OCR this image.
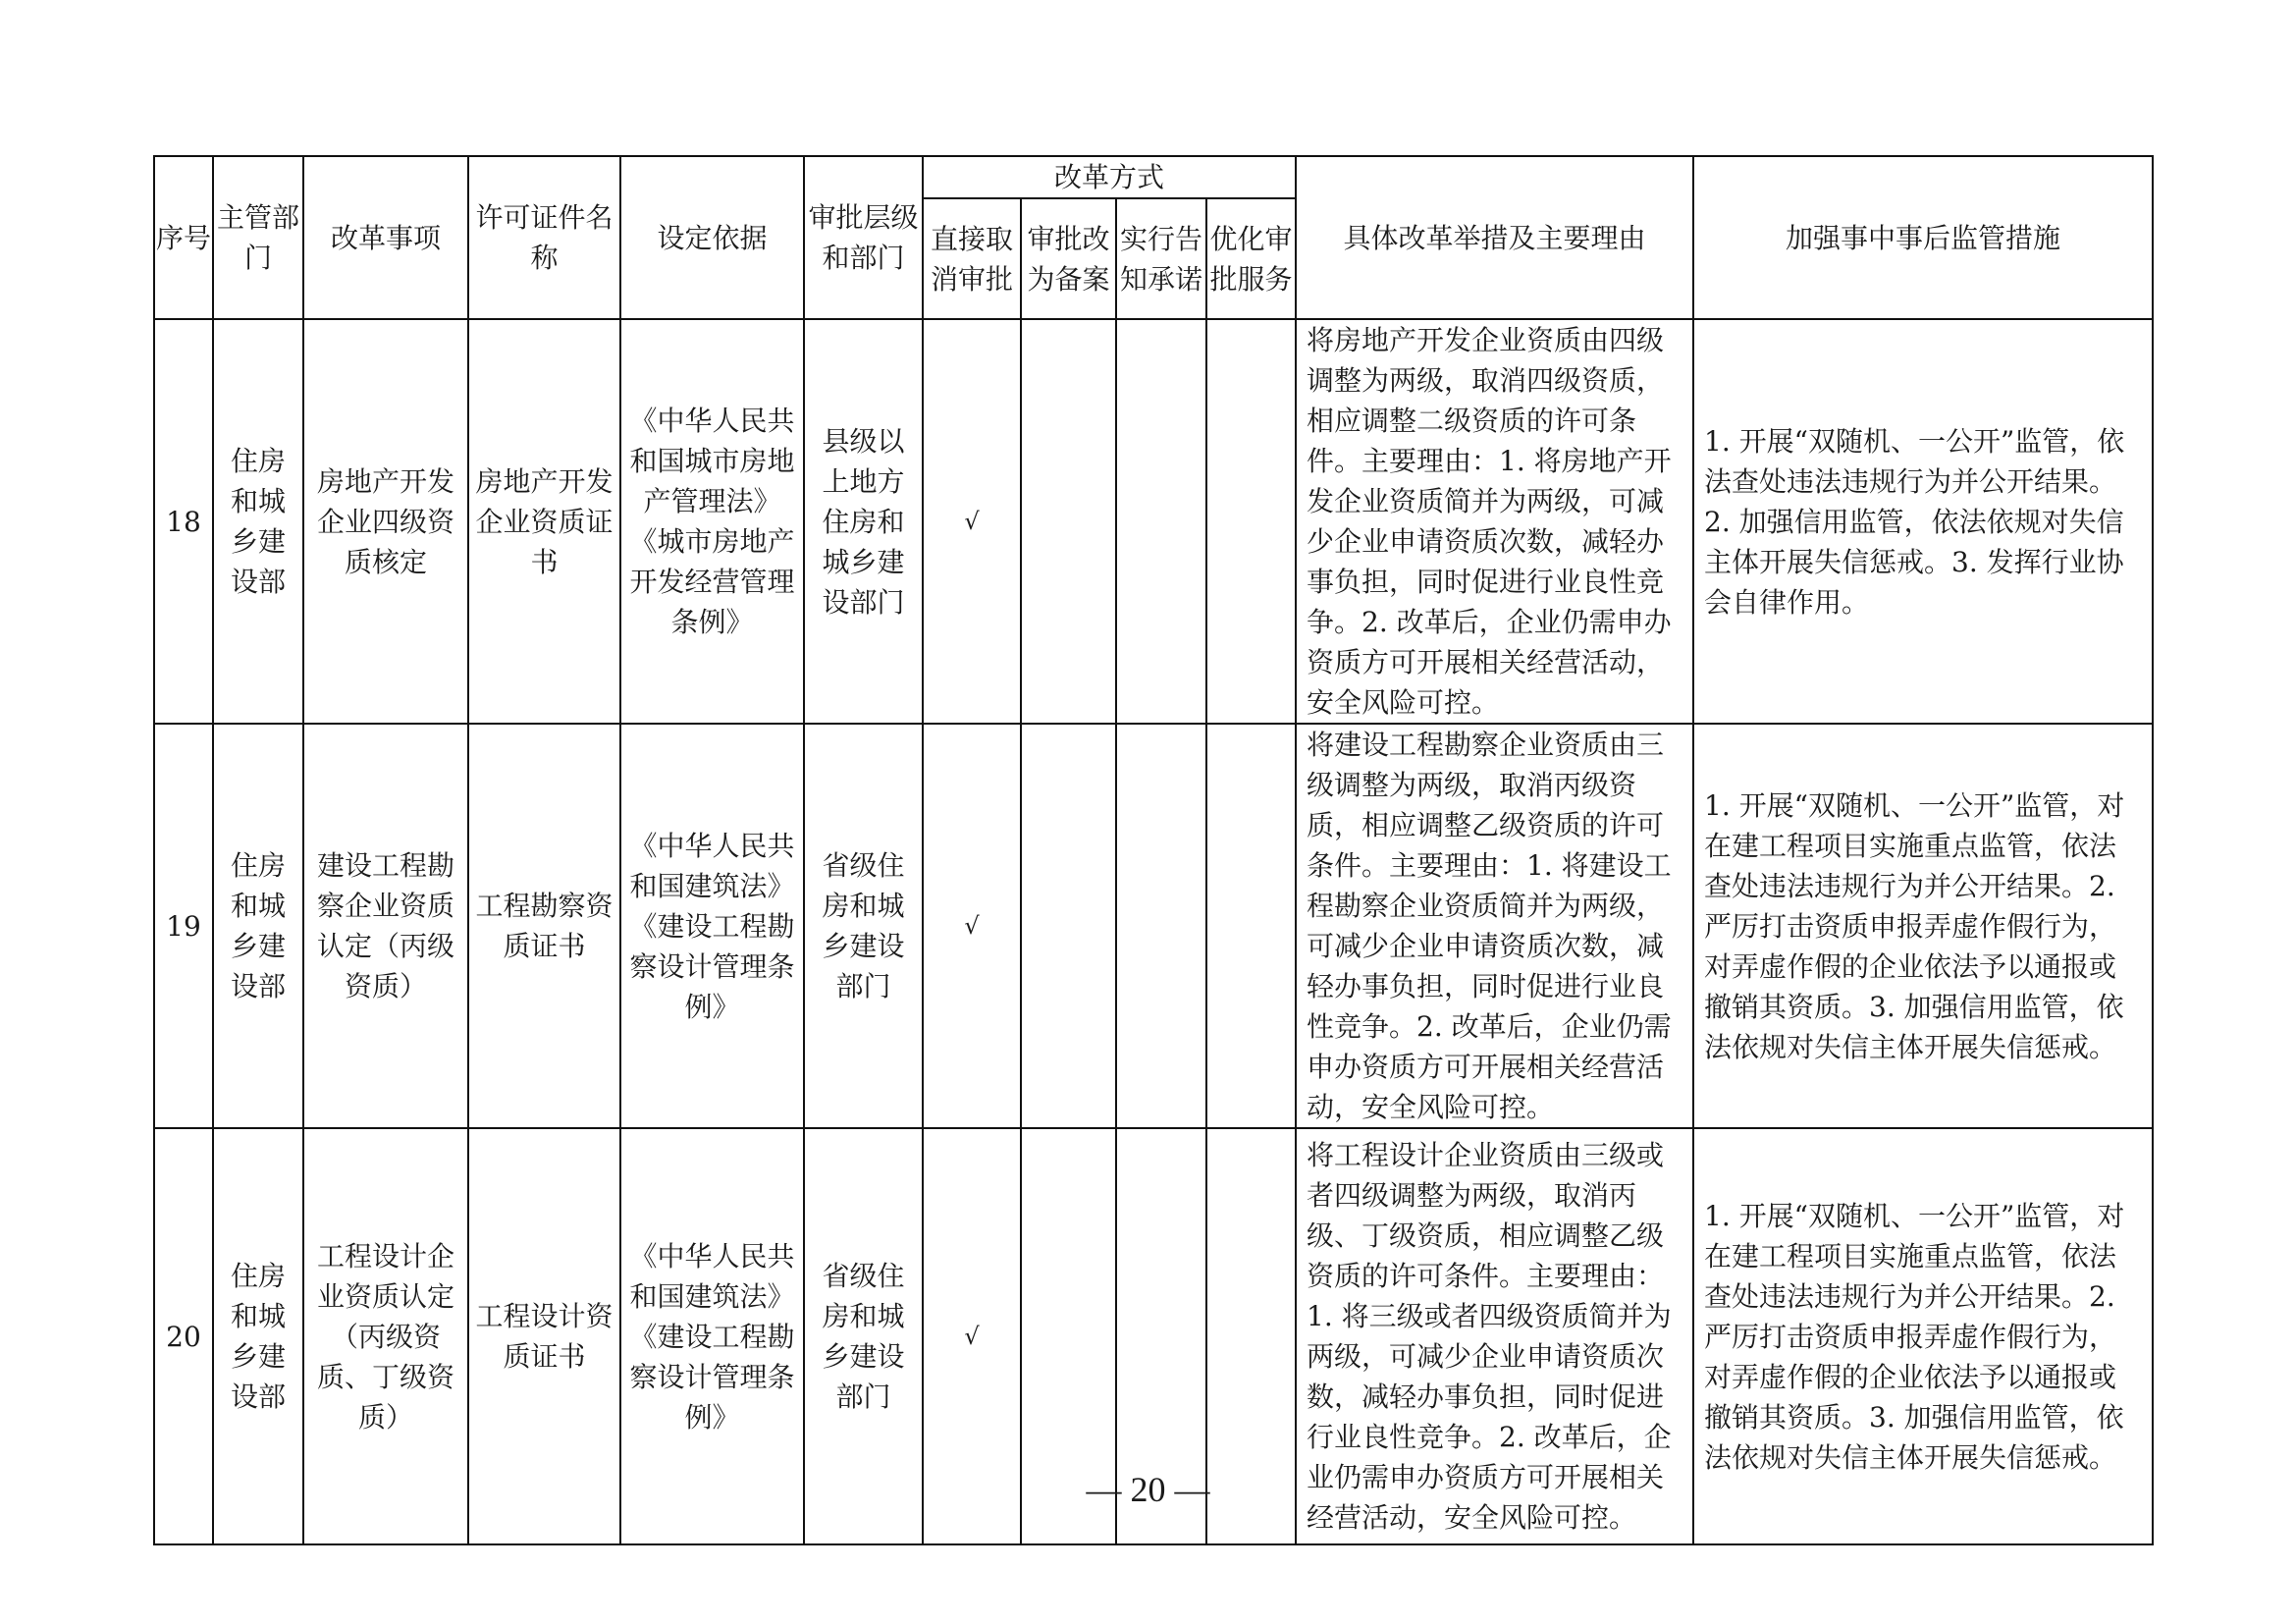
序号	主管部门	改革事项	许可证件名称	设定依据	审批层级和部门	改革方式				具体改革举措及主要理由	加强事中事后监管措施
						直接取消审批	审批改为备案	实行告知承诺	优化审批服务		
18	住房和城乡建设部	房地产开发企业四级资质核定	房地产开发企业资质证书	《中华人民共和国城市房地产管理法》《城市房地产开发经营管理条例》	县级以上地方住房和城乡建设部门	√				将房地产开发企业资质由四级调整为两级，取消四级资质，相应调整二级资质的许可条件。主要理由：1. 将房地产开发企业资质简并为两级，可减少企业申请资质次数，减轻办事负担，同时促进行业良性竞争。2. 改革后，企业仍需申办资质方可开展相关经营活动，安全风险可控。	1. 开展“双随机、一公开”监管，依法查处违法违规行为并公开结果。2. 加强信用监管，依法依规对失信主体开展失信惩戒。3. 发挥行业协会自律作用。
19	住房和城乡建设部	建设工程勘察企业资质认定（丙级资质）	工程勘察资质证书	《中华人民共和国建筑法》《建设工程勘察设计管理条例》	省级住房和城乡建设部门	√				将建设工程勘察企业资质由三级调整为两级，取消丙级资质，相应调整乙级资质的许可条件。主要理由：1. 将建设工程勘察企业资质简并为两级，可减少企业申请资质次数，减轻办事负担，同时促进行业良性竞争。2. 改革后，企业仍需申办资质方可开展相关经营活动，安全风险可控。	1. 开展“双随机、一公开”监管，对在建工程项目实施重点监管，依法查处违法违规行为并公开结果。2. 严厉打击资质申报弄虚作假行为，对弄虚作假的企业依法予以通报或撤销其资质。3. 加强信用监管，依法依规对失信主体开展失信惩戒。
20	住房和城乡建设部	工程设计企业资质认定（丙级资质、丁级资质）	工程设计资质证书	《中华人民共和国建筑法》《建设工程勘察设计管理条例》	省级住房和城乡建设部门	√				将工程设计企业资质由三级或者四级调整为两级，取消丙级、丁级资质，相应调整乙级资质的许可条件。主要理由：1. 将三级或者四级资质简并为两级，可减少企业申请资质次数，减轻办事负担，同时促进行业良性竞争。2. 改革后，企业仍需申办资质方可开展相关经营活动，安全风险可控。	1. 开展“双随机、一公开”监管，对在建工程项目实施重点监管，依法查处违法违规行为并公开结果。2. 严厉打击资质申报弄虚作假行为，对弄虚作假的企业依法予以通报或撤销其资质。3. 加强信用监管，依法依规对失信主体开展失信惩戒。
— 20 —
